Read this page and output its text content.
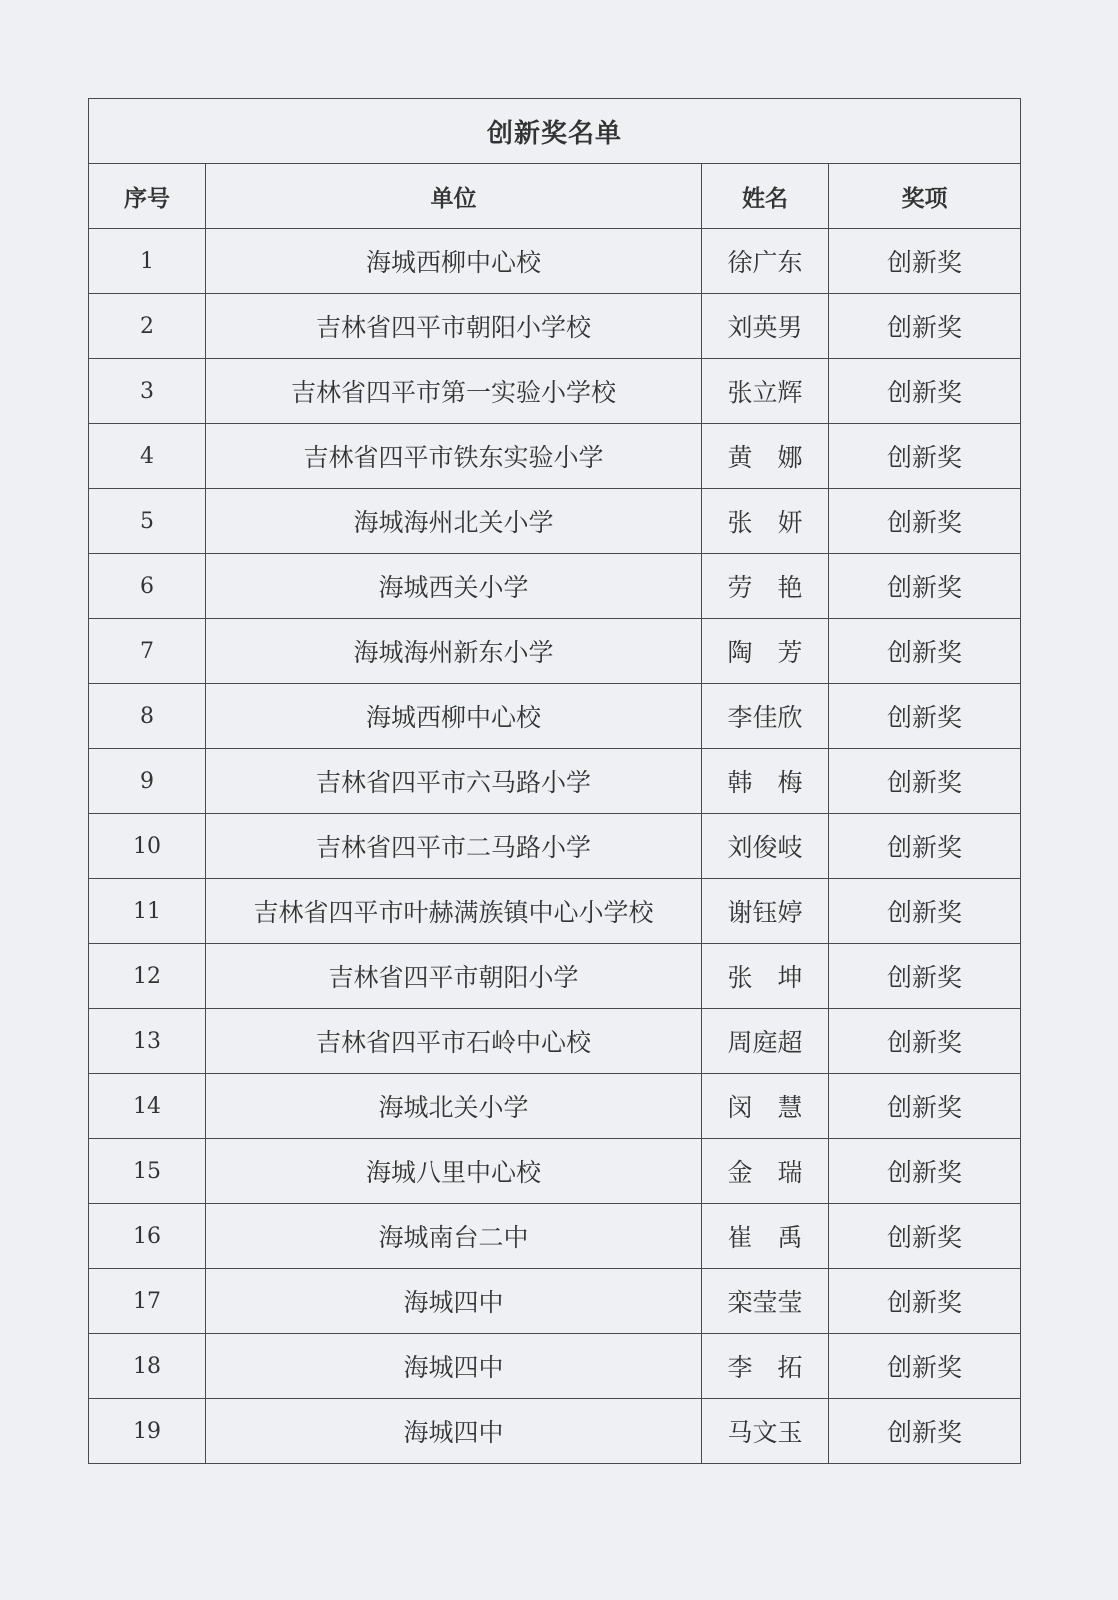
创新奖名单			
序号	单位	姓名	奖项
1	海城西柳中心校	徐广东	创新奖
2	吉林省四平市朝阳小学校	刘英男	创新奖
3	吉林省四平市第一实验小学校	张立辉	创新奖
4	吉林省四平市铁东实验小学	黄　娜	创新奖
5	海城海州北关小学	张　妍	创新奖
6	海城西关小学	劳　艳	创新奖
7	海城海州新东小学	陶　芳	创新奖
8	海城西柳中心校	李佳欣	创新奖
9	吉林省四平市六马路小学	韩　梅	创新奖
10	吉林省四平市二马路小学	刘俊岐	创新奖
11	吉林省四平市叶赫满族镇中心小学校	谢钰婷	创新奖
12	吉林省四平市朝阳小学	张　坤	创新奖
13	吉林省四平市石岭中心校	周庭超	创新奖
14	海城北关小学	闵　慧	创新奖
15	海城八里中心校	金　瑞	创新奖
16	海城南台二中	崔　禹	创新奖
17	海城四中	栾莹莹	创新奖
18	海城四中	李　拓	创新奖
19	海城四中	马文玉	创新奖
